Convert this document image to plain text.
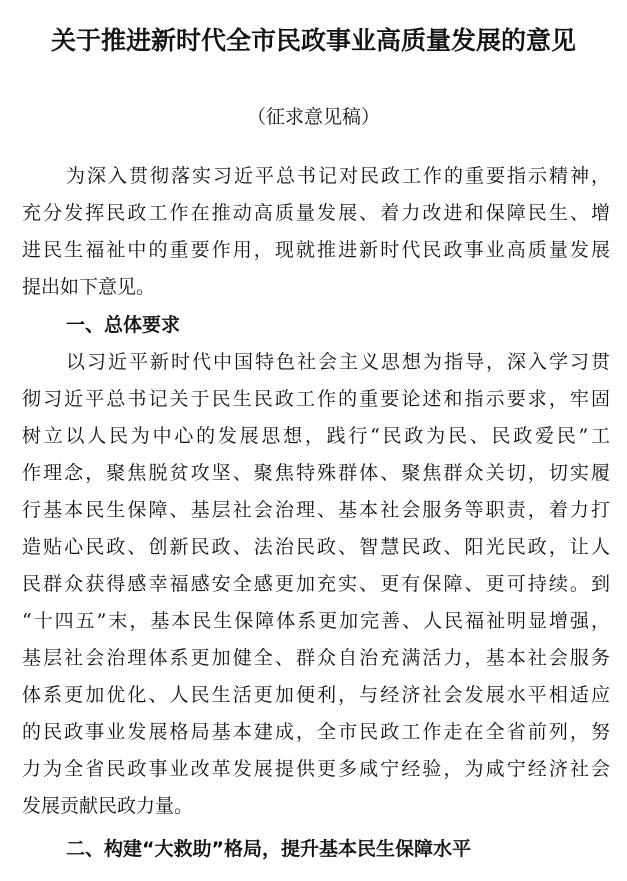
关于推进新时代全市民政事业高质量发展的意见
（征求意见稿）
为深入贯彻落实习近平总书记对民政工作的重要指示精神，
充分发挥民政工作在推动高质量发展、着力改进和保障民生、增
进民生福祉中的重要作用，现就推进新时代民政事业高质量发展
提出如下意见。
一、总体要求
以习近平新时代中国特色社会主义思想为指导，深入学习贯
彻习近平总书记关于民生民政工作的重要论述和指示要求，牢固
树立以人民为中心的发展思想，践行“民政为民、民政爱民”工
作理念，聚焦脱贫攻坚、聚焦特殊群体、聚焦群众关切，切实履
行基本民生保障、基层社会治理、基本社会服务等职责，着力打
造贴心民政、创新民政、法治民政、智慧民政、阳光民政，让人
民群众获得感幸福感安全感更加充实、更有保障、更可持续。到
“十四五”末，基本民生保障体系更加完善、人民福祉明显增强，
基层社会治理体系更加健全、群众自治充满活力，基本社会服务
体系更加优化、人民生活更加便利，与经济社会发展水平相适应
的民政事业发展格局基本建成，全市民政工作走在全省前列，努
力为全省民政事业改革发展提供更多咸宁经验，为咸宁经济社会
发展贡献民政力量。
二、构建“大救助”格局，提升基本民生保障水平
